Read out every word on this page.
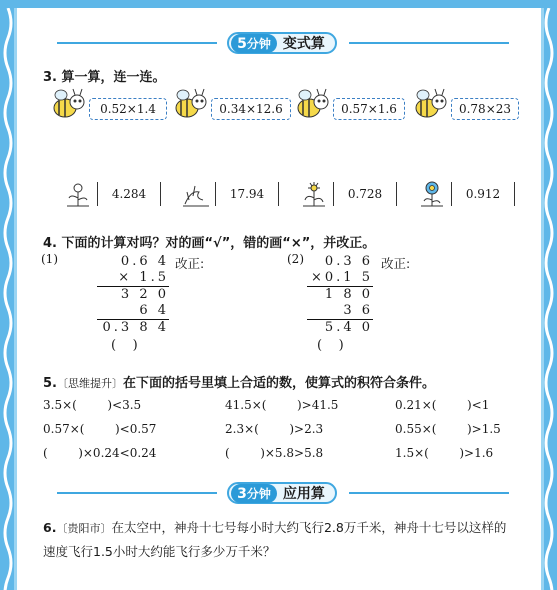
5分钟 变式算
3. 算一算，连一连。
0.52×1.4	0.34×12.6	0.57×1.6	0.78×23
4.284	17.94	0.728	0.912
4. 下面的计算对吗？对的画“√”，错的画“×”，并改正。
(1)	0.6 4
× 1.5
3 2 0
6 4
0.3 8 4
改正:
(    )
(2)	0.3 6
×0.1 5
1 8 0
3 6
5.4 0
改正:
(    )
5.〔思维提升〕在下面的括号里填上合适的数，使算式的积符合条件。
3.5×(        )<3.5	41.5×(        )>41.5	0.21×(        )<1
0.57×(        )<0.57	2.3×(        )>2.3	0.55×(        )>1.5
(        )×0.24<0.24	(        )×5.8>5.8	1.5×(        )>1.6
3分钟 应用算
6.〔贵阳市〕在太空中，神舟十七号每小时大约飞行2.8万千米，神舟十七号以这样的
速度飞行1.5小时大约能飞行多少万千米？
